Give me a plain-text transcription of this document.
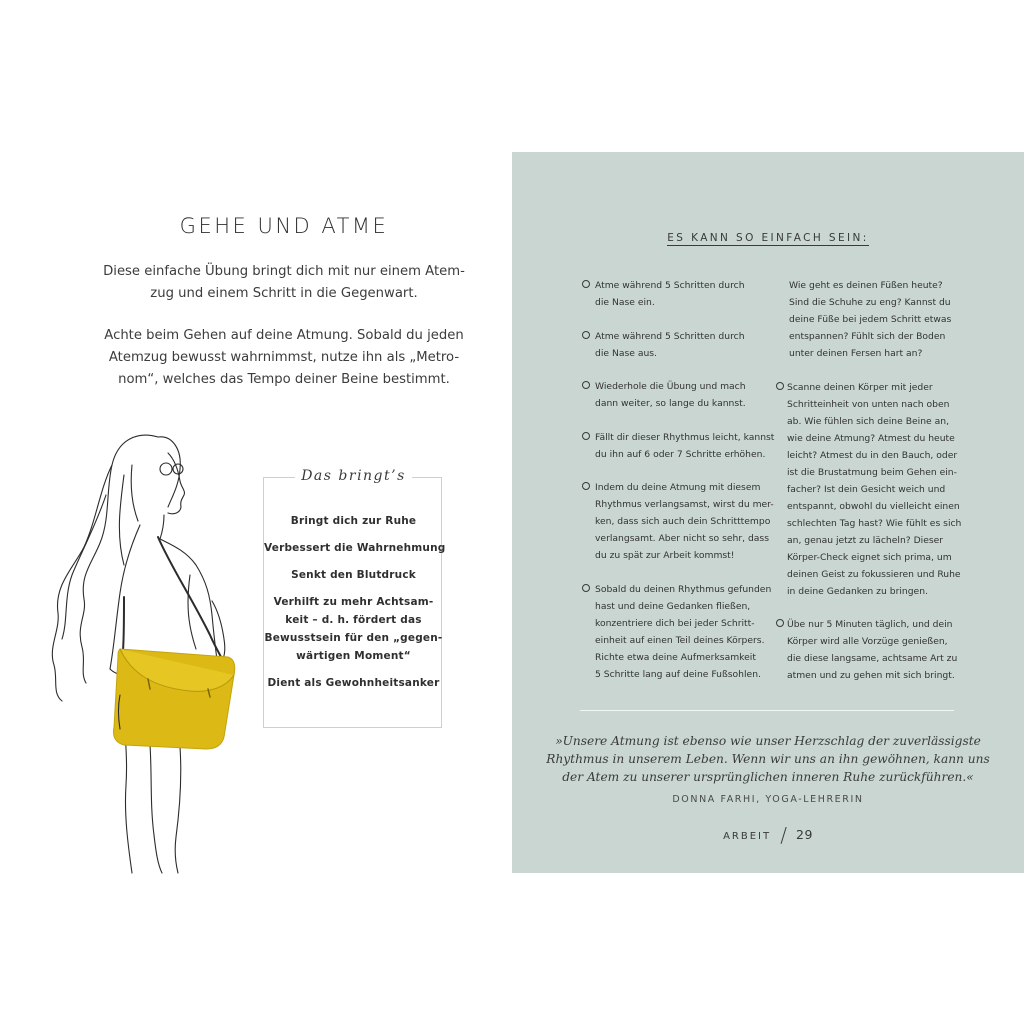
GEHE UND ATME

Diese einfache Übung bringt dich mit nur einem Atem-
zug und einem Schritt in die Gegenwart.

Achte beim Gehen auf deine Atmung. Sobald du jeden
Atemzug bewusst wahrnimmst, nutze ihn als „Metro-
nom“, welches das Tempo deiner Beine bestimmt.

Das bringt’s
Bringt dich zur Ruhe
Verbessert die Wahrnehmung
Senkt den Blutdruck
Verhilft zu mehr Achtsam-
keit – d. h. fördert das
Bewusstsein für den „gegen-
wärtigen Moment“
Dient als Gewohnheitsanker
ES KANN SO EINFACH SEIN:
Atme während 5 Schritten durch
die Nase ein.
Atme während 5 Schritten durch
die Nase aus.
Wiederhole die Übung und mach
dann weiter, so lange du kannst.
Fällt dir dieser Rhythmus leicht, kannst
du ihn auf 6 oder 7 Schritte erhöhen.
Indem du deine Atmung mit diesem
Rhythmus verlangsamst, wirst du mer-
ken, dass sich auch dein Schritttempo
verlangsamt. Aber nicht so sehr, dass
du zu spät zur Arbeit kommst!
Sobald du deinen Rhythmus gefunden
hast und deine Gedanken fließen,
konzentriere dich bei jeder Schritt-
einheit auf einen Teil deines Körpers.
Richte etwa deine Aufmerksamkeit
5 Schritte lang auf deine Fußsohlen.
Wie geht es deinen Füßen heute?
Sind die Schuhe zu eng? Kannst du
deine Füße bei jedem Schritt etwas
entspannen? Fühlt sich der Boden
unter deinen Fersen hart an?
Scanne deinen Körper mit jeder
Schritteinheit von unten nach oben
ab. Wie fühlen sich deine Beine an,
wie deine Atmung? Atmest du heute
leicht? Atmest du in den Bauch, oder
ist die Brustatmung beim Gehen ein-
facher? Ist dein Gesicht weich und
entspannt, obwohl du vielleicht einen
schlechten Tag hast? Wie fühlt es sich
an, genau jetzt zu lächeln? Dieser
Körper-Check eignet sich prima, um
deinen Geist zu fokussieren und Ruhe
in deine Gedanken zu bringen.
Übe nur 5 Minuten täglich, und dein
Körper wird alle Vorzüge genießen,
die diese langsame, achtsame Art zu
atmen und zu gehen mit sich bringt.
»Unsere Atmung ist ebenso wie unser Herzschlag der zuverlässigste
Rhythmus in unserem Leben. Wenn wir uns an ihn gewöhnen, kann uns
der Atem zu unserer ursprünglichen inneren Ruhe zurückführen.«
DONNA FARHI, YOGA-LEHRERIN
ARBEIT / 29
